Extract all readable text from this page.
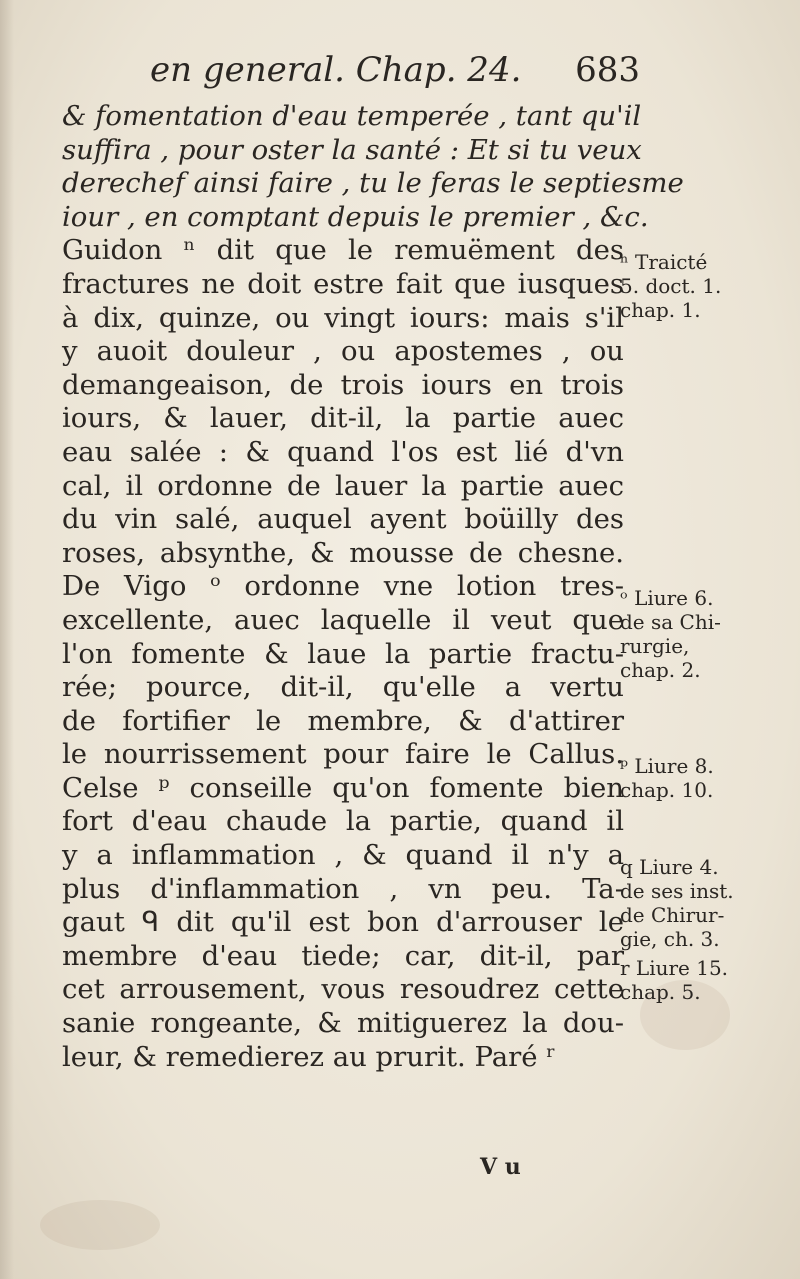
en general. Chap. 24. 683
& fomentation d'eau temperée , tant qu'il
suffira , pour oster la santé : Et si tu veux
derechef ainsi faire , tu le feras le septiesme
iour , en comptant depuis le premier , &c.
Guidon ⁿ dit que le remuëment des
fractures ne doit estre fait que iusques
à dix, quinze, ou vingt iours: mais s'il
y auoit douleur , ou apostemes , ou
demangeaison, de trois iours en trois
iours, & lauer, dit-il, la partie auec
eau salée : & quand l'os est lié d'vn
cal, il ordonne de lauer la partie auec
du vin salé, auquel ayent boüilly des
roses, absynthe, & mousse de chesne.
De Vigo ᵒ ordonne vne lotion tres-
excellente, auec laquelle il veut que
l'on fomente & laue la partie fractu-
rée; pource, dit-il, qu'elle a vertu
de fortifier le membre, & d'attirer
le nourrissement pour faire le Callus.
Celse ᵖ conseille qu'on fomente bien
fort d'eau chaude la partie, quand il
y a inflammation , & quand il n'y a
plus d'inflammation , vn peu. Ta-
gaut ᑫ dit qu'il est bon d'arrouser le
membre d'eau tiede; car, dit-il, par
cet arrousement, vous resoudrez cette
sanie rongeante, & mitiguerez la dou-
leur, & remedierez au prurit. Paré ʳ
ⁿ Traicté
5. doct. 1.
chap. 1.
ᵒ Liure 6.
de sa Chi-
rurgie,
chap. 2.
ᵖ Liure 8.
chap. 10.
q Liure 4.
de ses inst.
de Chirur-
gie, ch. 3.
r Liure 15.
chap. 5.
V u
